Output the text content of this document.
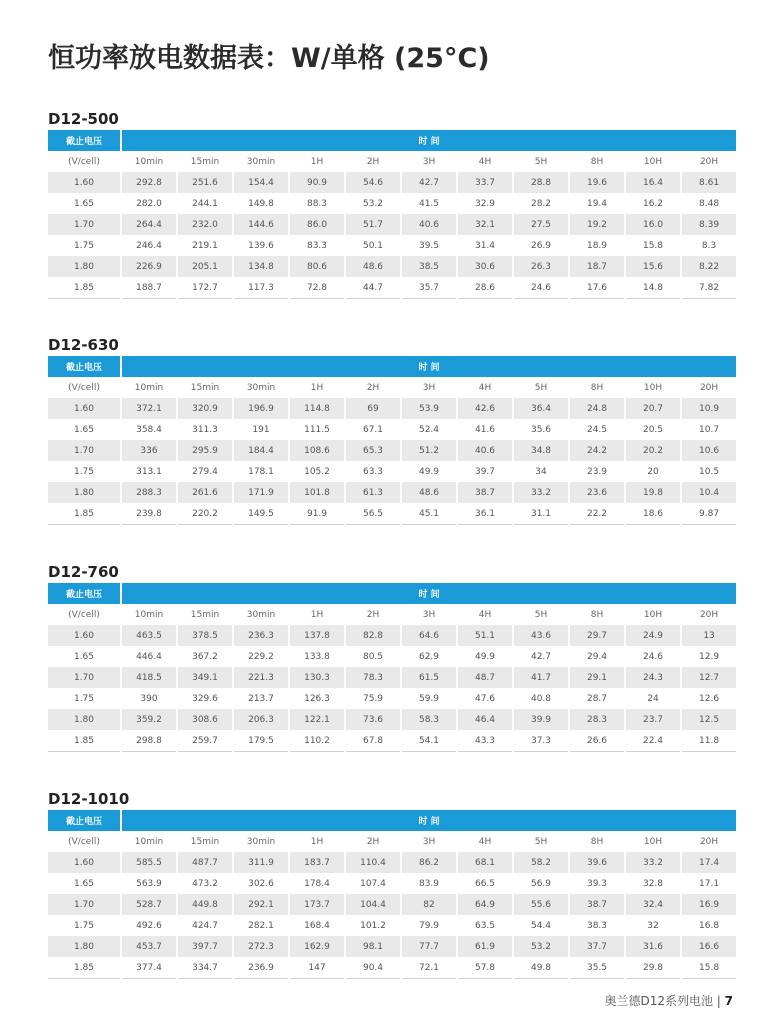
恒功率放电数据表：W/单格 (25°C)
D12-500
截止电压	时 间										
(V/cell)	10min	15min	30min	1H	2H	3H	4H	5H	8H	10H	20H
1.60	292.8	251.6	154.4	90.9	54.6	42.7	33.7	28.8	19.6	16.4	8.61
1.65	282.0	244.1	149.8	88.3	53.2	41.5	32.9	28.2	19.4	16.2	8.48
1.70	264.4	232.0	144.6	86.0	51.7	40.6	32.1	27.5	19.2	16.0	8.39
1.75	246.4	219.1	139.6	83.3	50.1	39.5	31.4	26.9	18.9	15.8	8.3
1.80	226.9	205.1	134.8	80.6	48.6	38.5	30.6	26.3	18.7	15.6	8.22
1.85	188.7	172.7	117.3	72.8	44.7	35.7	28.6	24.6	17.6	14.8	7.82
D12-630
截止电压	时 间										
(V/cell)	10min	15min	30min	1H	2H	3H	4H	5H	8H	10H	20H
1.60	372.1	320.9	196.9	114.8	69	53.9	42.6	36.4	24.8	20.7	10.9
1.65	358.4	311.3	191	111.5	67.1	52.4	41.6	35.6	24.5	20.5	10.7
1.70	336	295.9	184.4	108.6	65.3	51.2	40.6	34.8	24.2	20.2	10.6
1.75	313.1	279.4	178.1	105.2	63.3	49.9	39.7	34	23.9	20	10.5
1.80	288.3	261.6	171.9	101.8	61.3	48.6	38.7	33.2	23.6	19.8	10.4
1.85	239.8	220.2	149.5	91.9	56.5	45.1	36.1	31.1	22.2	18.6	9.87
D12-760
截止电压	时 间										
(V/cell)	10min	15min	30min	1H	2H	3H	4H	5H	8H	10H	20H
1.60	463.5	378.5	236.3	137.8	82.8	64.6	51.1	43.6	29.7	24.9	13
1.65	446.4	367.2	229.2	133.8	80.5	62.9	49.9	42.7	29.4	24.6	12.9
1.70	418.5	349.1	221.3	130.3	78.3	61.5	48.7	41.7	29.1	24.3	12.7
1.75	390	329.6	213.7	126.3	75.9	59.9	47.6	40.8	28.7	24	12.6
1.80	359.2	308.6	206.3	122.1	73.6	58.3	46.4	39.9	28.3	23.7	12.5
1.85	298.8	259.7	179.5	110.2	67.8	54.1	43.3	37.3	26.6	22.4	11.8
D12-1010
截止电压	时 间										
(V/cell)	10min	15min	30min	1H	2H	3H	4H	5H	8H	10H	20H
1.60	585.5	487.7	311.9	183.7	110.4	86.2	68.1	58.2	39.6	33.2	17.4
1.65	563.9	473.2	302.6	178.4	107.4	83.9	66.5	56.9	39.3	32.8	17.1
1.70	528.7	449.8	292.1	173.7	104.4	82	64.9	55.6	38.7	32.4	16.9
1.75	492.6	424.7	282.1	168.4	101.2	79.9	63.5	54.4	38.3	32	16.8
1.80	453.7	397.7	272.3	162.9	98.1	77.7	61.9	53.2	37.7	31.6	16.6
1.85	377.4	334.7	236.9	147	90.4	72.1	57.8	49.8	35.5	29.8	15.8
奥兰德D12系列电池 | 7
